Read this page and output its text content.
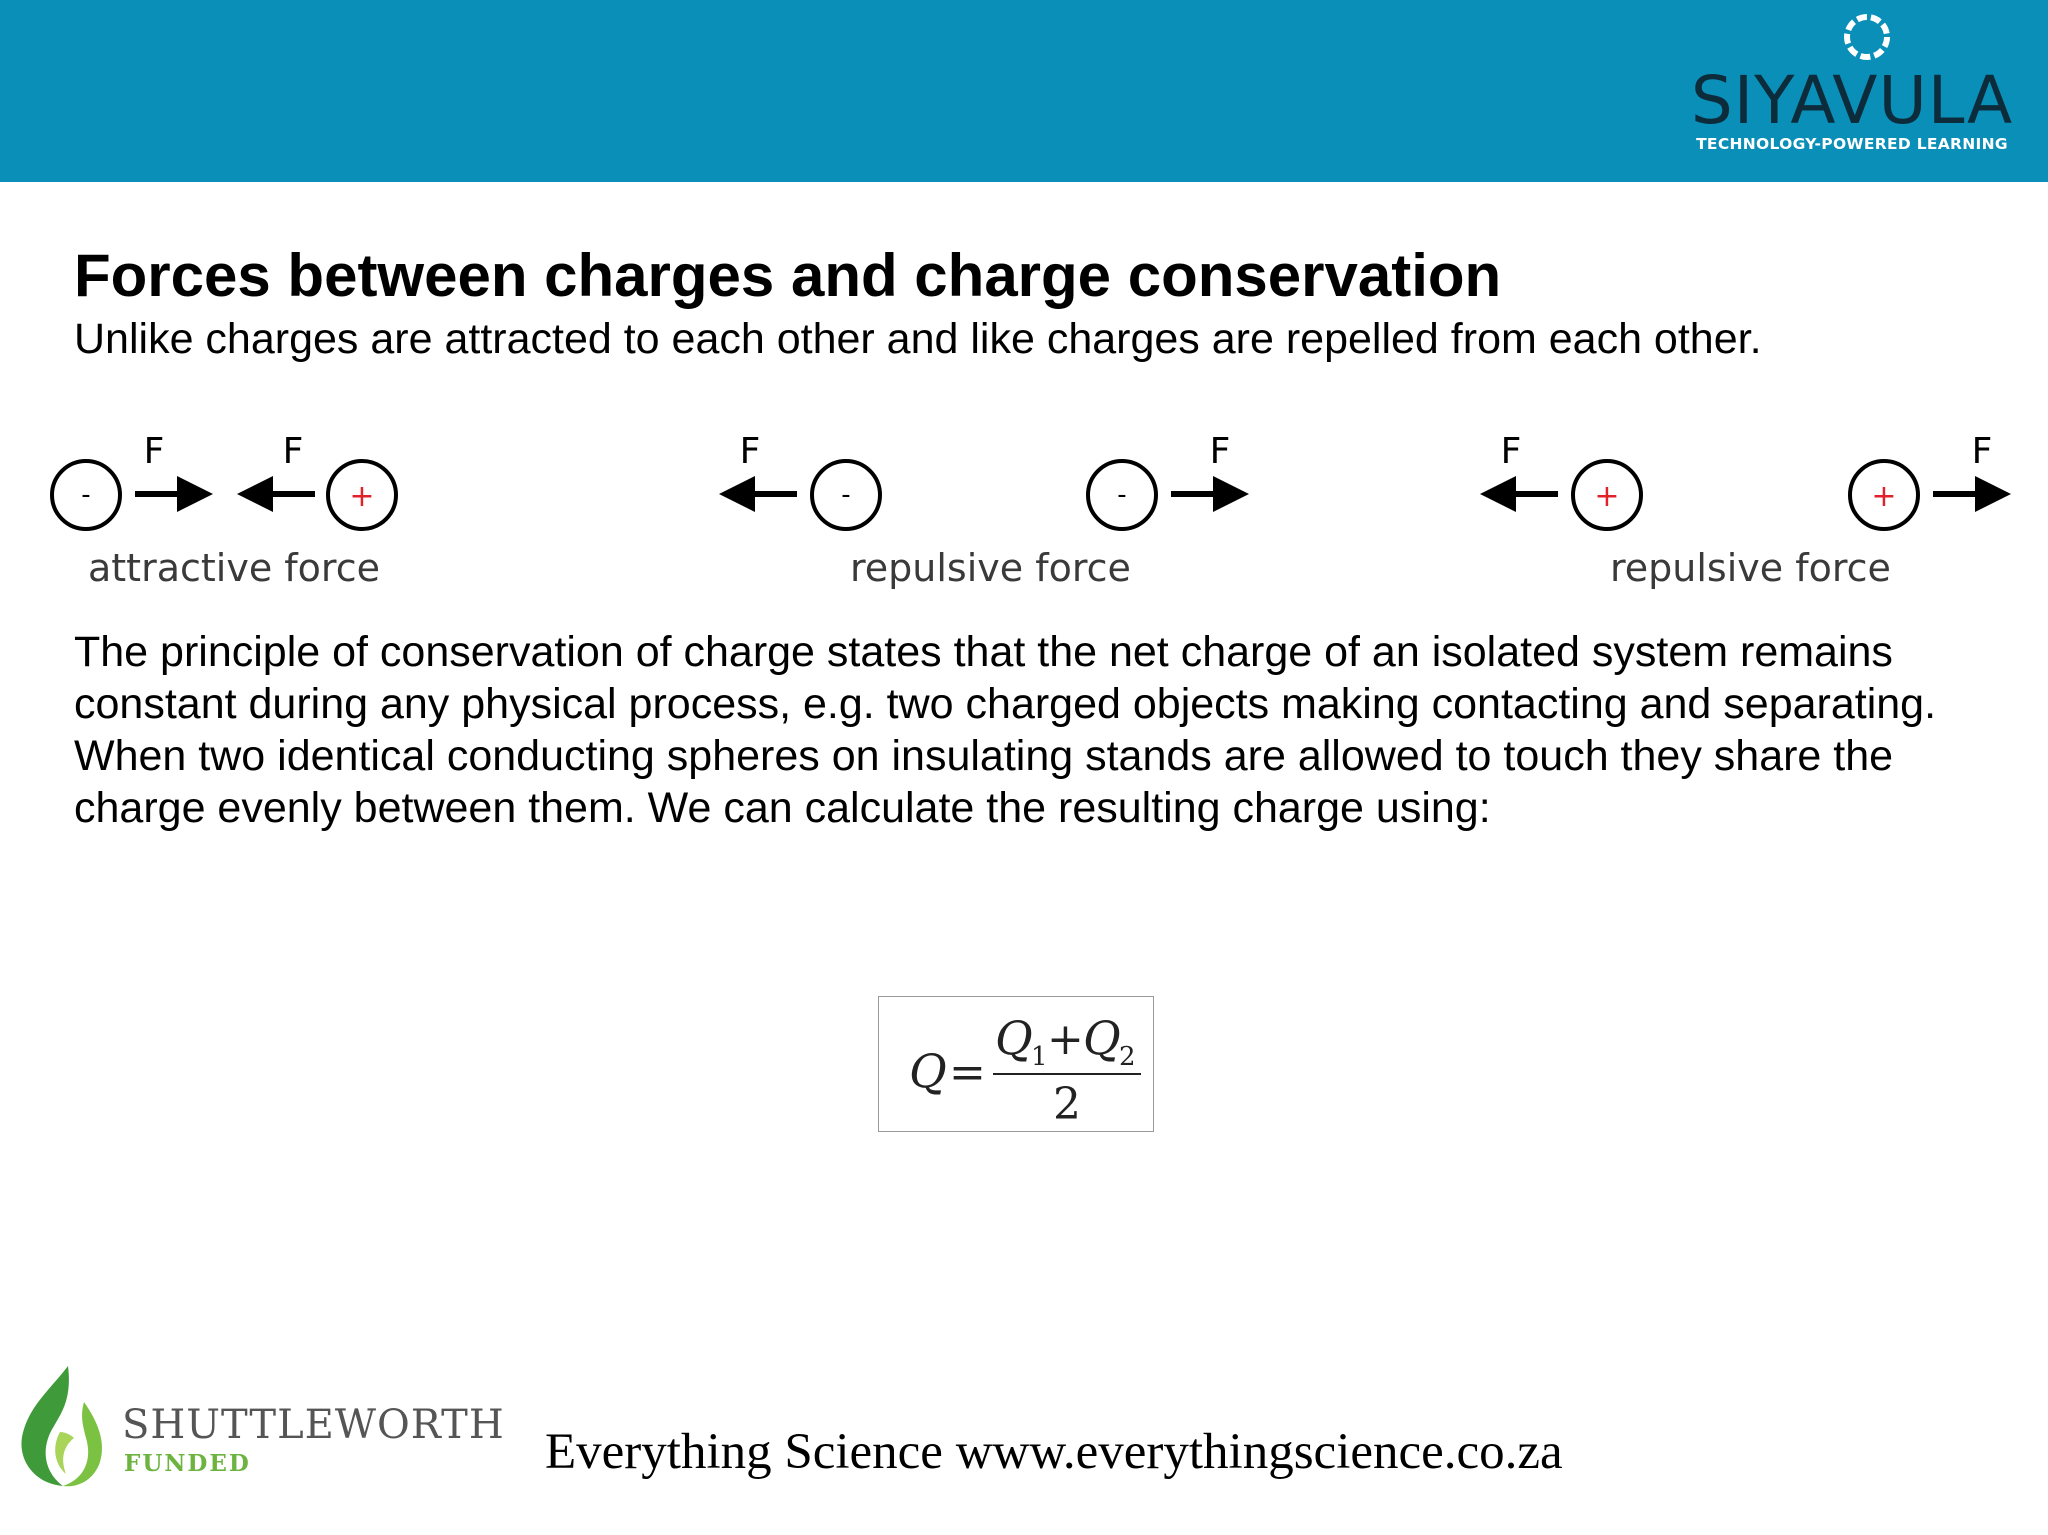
SIYAVULA
TECHNOLOGY-POWERED LEARNING
Forces between charges and charge conservation
Unlike charges are attracted to each other and like charges are repelled from each other.
-
F	F
+
F
-	-
F	F
+	+
F
attractive force	repulsive force	repulsive force

The principle of conservation of charge states that the net charge of an isolated system remains constant during any physical process, e.g. two charged objects making contacting and separating.

When two identical conducting spheres on insulating stands are allowed to touch they share the charge evenly between them. We can calculate the resulting charge using:

Q =
Q
1 + Q
2
2
SHUTTLEWORTH
FUNDED	Everything Science www.everythingscience.co.za
